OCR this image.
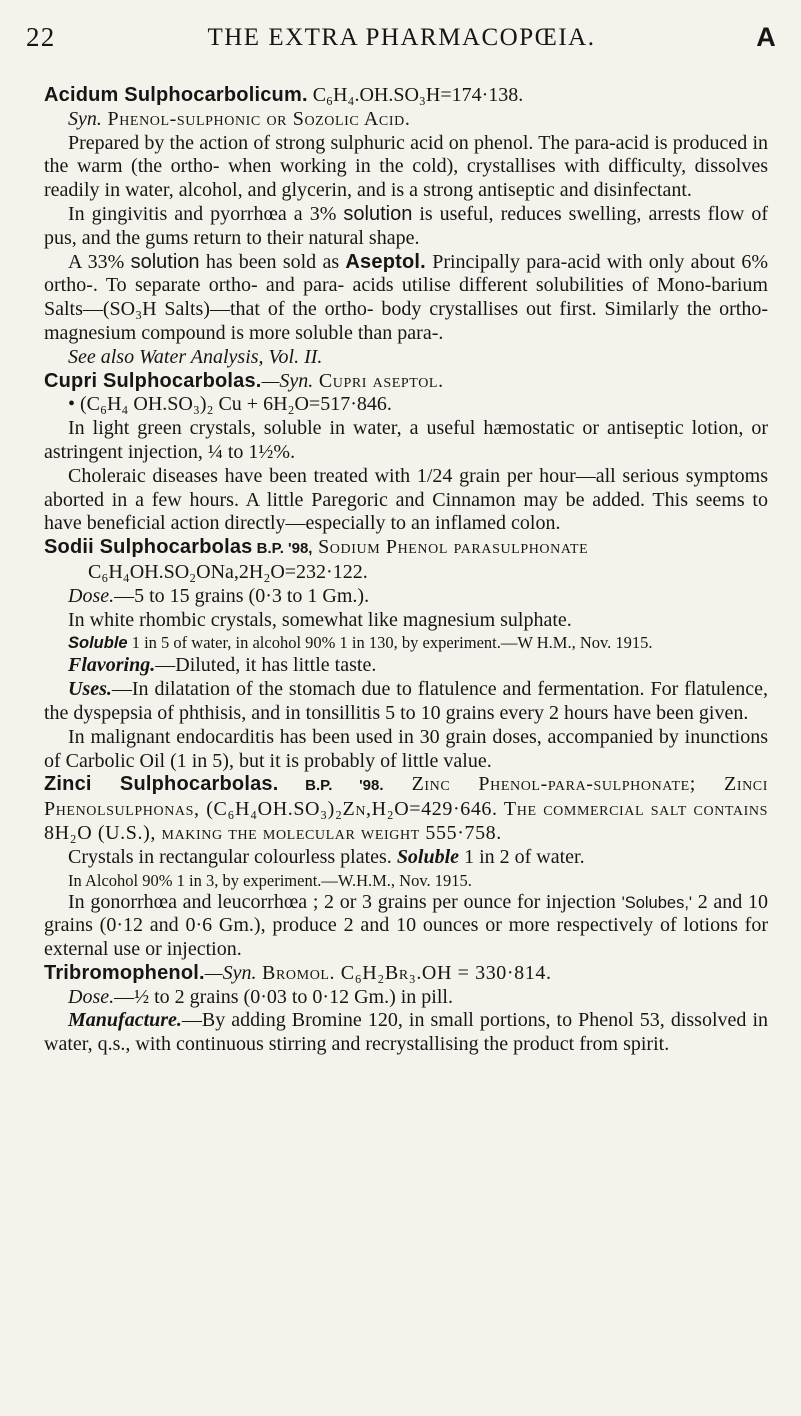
22	THE EXTRA PHARMACOPŒIA.	A

Acidum Sulphocarbolicum. C₆H₄.OH.SO₃H=174·138.

Syn. Phenol-sulphonic or Sozolic Acid.

Prepared by the action of strong sulphuric acid on phenol. The para-acid is produced in the warm (the ortho- when working in the cold), crystallises with difficulty, dissolves readily in water, alcohol, and glycerin, and is a strong antiseptic and disinfectant.

In gingivitis and pyorrhœa a 3% solution is useful, reduces swelling, arrests flow of pus, and the gums return to their natural shape.

A 33% solution has been sold as Aseptol. Principally para-acid with only about 6% ortho-. To separate ortho- and para- acids utilise different solubilities of Mono-barium Salts—(SO₃H Salts)—that of the ortho- body crystallises out first. Similarly the ortho-magnesium compound is more soluble than para-.

See also Water Analysis, Vol. II.

Cupri Sulphocarbolas.—Syn. Cupri aseptol.

• (C₆H₄ OH.SO₃)₂ Cu + 6H₂O=517·846.

In light green crystals, soluble in water, a useful hæmostatic or antiseptic lotion, or astringent injection, ¼ to 1½%.

Choleraic diseases have been treated with 1/24 grain per hour—all serious symptoms aborted in a few hours. A little Paregoric and Cinnamon may be added. This seems to have beneficial action directly—especially to an inflamed colon.

Sodii Sulphocarbolas B.P. '98, Sodium Phenol parasulphonate

C₆H₄OH.SO₂ONa,2H₂O=232·122.

Dose.—5 to 15 grains (0·3 to 1 Gm.).

In white rhombic crystals, somewhat like magnesium sulphate.

Soluble 1 in 5 of water, in alcohol 90% 1 in 130, by experiment.—W H.M., Nov. 1915.

Flavoring.—Diluted, it has little taste.

Uses.—In dilatation of the stomach due to flatulence and fermentation. For flatulence, the dyspepsia of phthisis, and in tonsillitis 5 to 10 grains every 2 hours have been given.

In malignant endocarditis has been used in 30 grain doses, accompanied by inunctions of Carbolic Oil (1 in 5), but it is probably of little value.

Zinci Sulphocarbolas. B.P. '98. Zinc Phenol-para-sulphonate; Zinci Phenolsulphonas, (C₆H₄OH.SO₃)₂Zn,H₂O=429·646. The commercial salt contains 8H₂O (U.S.), making the molecular weight 555·758.

Crystals in rectangular colourless plates. Soluble 1 in 2 of water.

In Alcohol 90% 1 in 3, by experiment.—W.H.M., Nov. 1915.

In gonorrhœa and leucorrhœa ; 2 or 3 grains per ounce for injection 'Solubes,' 2 and 10 grains (0·12 and 0·6 Gm.), produce 2 and 10 ounces or more respectively of lotions for external use or injection.

Tribromophenol.—Syn. Bromol. C₆H₂Br₃.OH = 330·814.

Dose.—½ to 2 grains (0·03 to 0·12 Gm.) in pill.

Manufacture.—By adding Bromine 120, in small portions, to Phenol 53, dissolved in water, q.s., with continuous stirring and recrystallising the product from spirit.
